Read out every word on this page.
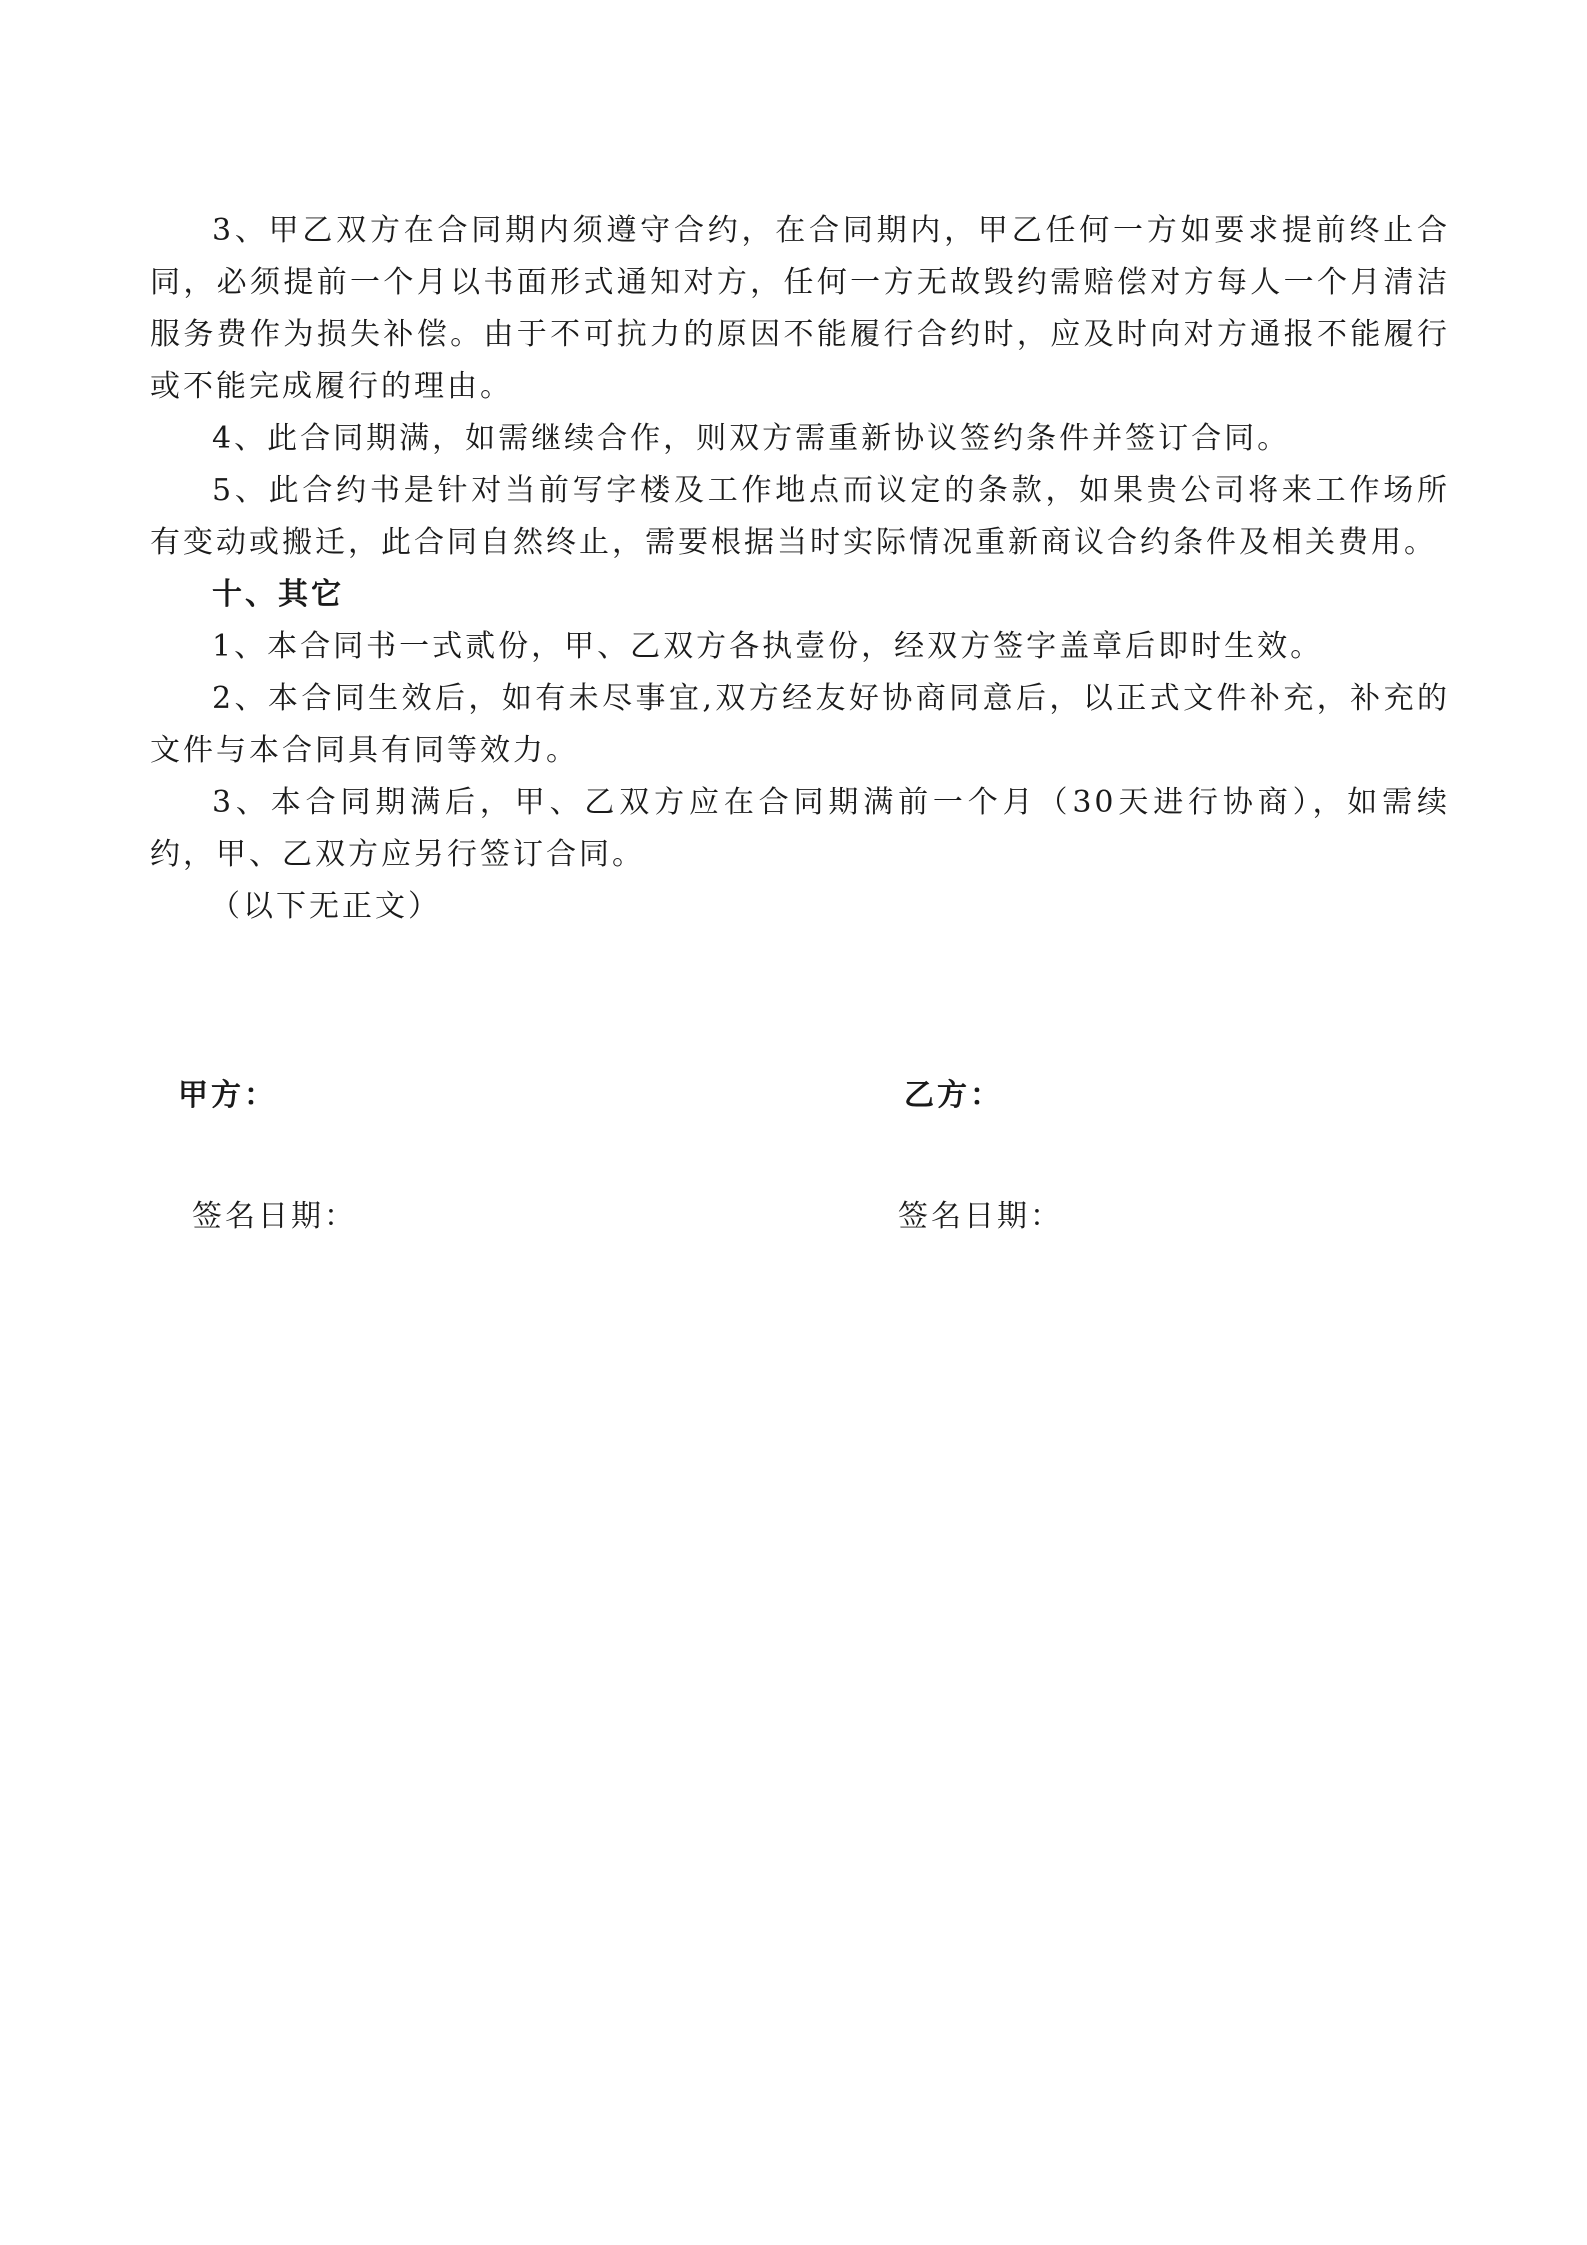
3、甲乙双方在合同期内须遵守合约，在合同期内，甲乙任何一方如要求提前终止合同，必须提前一个月以书面形式通知对方，任何一方无故毁约需赔偿对方每人一个月清洁服务费作为损失补偿。由于不可抗力的原因不能履行合约时，应及时向对方通报不能履行或不能完成履行的理由。

4、此合同期满，如需继续合作，则双方需重新协议签约条件并签订合同。

5、此合约书是针对当前写字楼及工作地点而议定的条款，如果贵公司将来工作场所有变动或搬迁，此合同自然终止，需要根据当时实际情况重新商议合约条件及相关费用。

十、其它

1、本合同书一式贰份，甲、乙双方各执壹份，经双方签字盖章后即时生效。

2、本合同生效后，如有未尽事宜,双方经友好协商同意后，以正式文件补充，补充的文件与本合同具有同等效力。

3、本合同期满后，甲、乙双方应在合同期满前一个月（30天进行协商），如需续约，甲、乙双方应另行签订合同。

（以下无正文）

甲方：	乙方：
签名日期：	签名日期：
